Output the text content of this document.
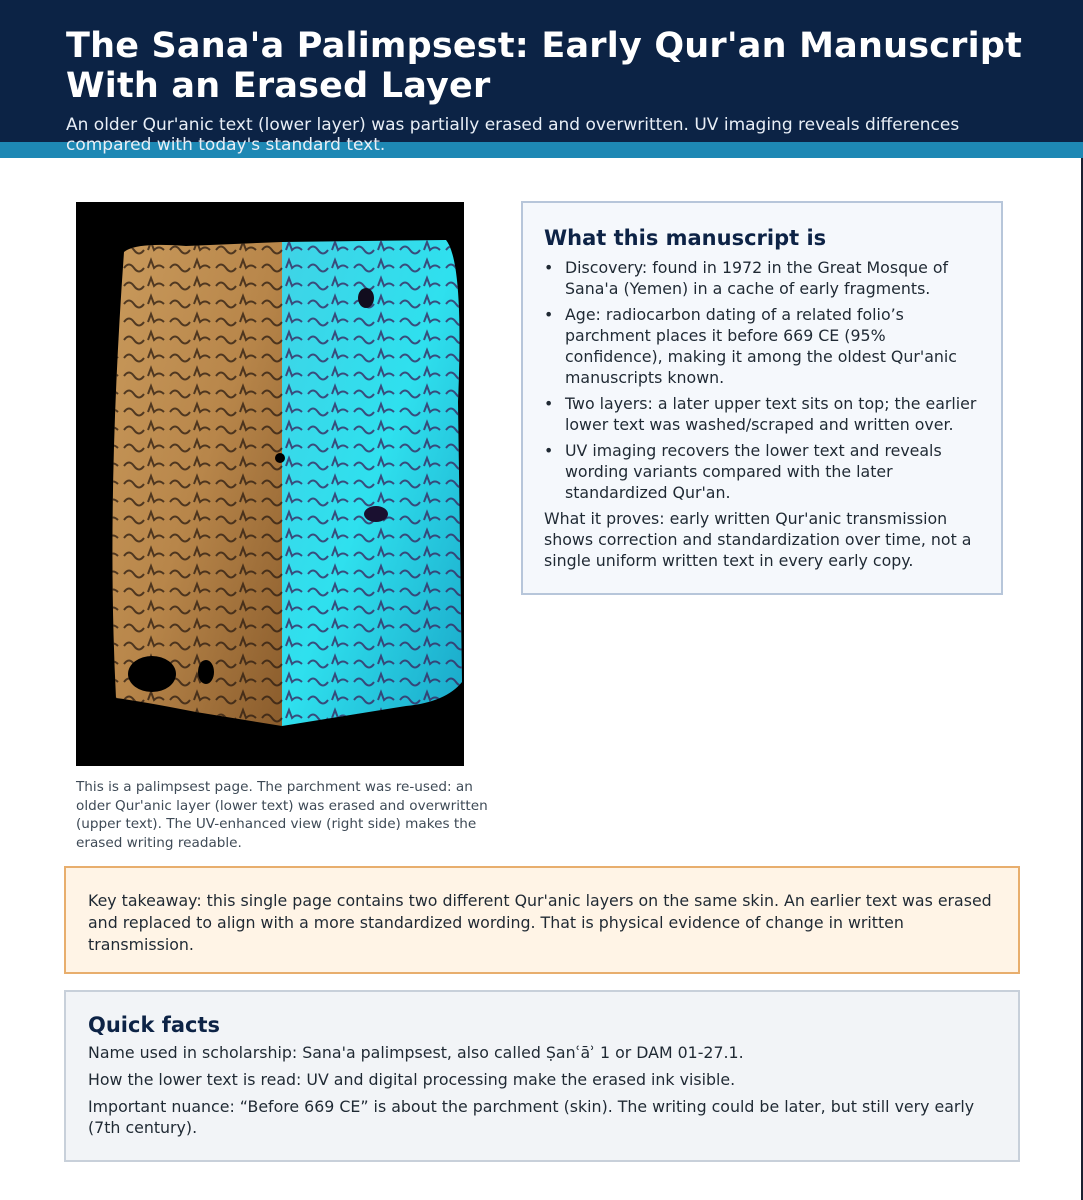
The Sana'a Palimpsest: Early Qur'an Manuscript With an Erased Layer

An older Qur'anic text (lower layer) was partially erased and overwritten. UV imaging reveals differences compared with today's standard text.

This is a palimpsest page. The parchment was re-used: an older Qur'anic layer (lower text) was erased and overwritten (upper text). The UV-enhanced view (right side) makes the erased writing readable.

What this manuscript is
• Discovery: found in 1972 in the Great Mosque of Sana'a (Yemen) in a cache of early fragments.
• Age: radiocarbon dating of a related folio’s parchment places it before 669 CE (95% confidence), making it among the oldest Qur'anic manuscripts known.
• Two layers: a later upper text sits on top; the earlier lower text was washed/scraped and written over.
• UV imaging recovers the lower text and reveals wording variants compared with the later standardized Qur'an.

What it proves: early written Qur'anic transmission shows correction and standardization over time, not a single uniform written text in every early copy.

Key takeaway: this single page contains two different Qur'anic layers on the same skin. An earlier text was erased and replaced to align with a more standardized wording. That is physical evidence of change in written transmission.
Quick facts

Name used in scholarship: Sana'a palimpsest, also called Ṣanʿāʾ 1 or DAM 01-27.1.

How the lower text is read: UV and digital processing make the erased ink visible.

Important nuance: “Before 669 CE” is about the parchment (skin). The writing could be later, but still very early (7th century).
